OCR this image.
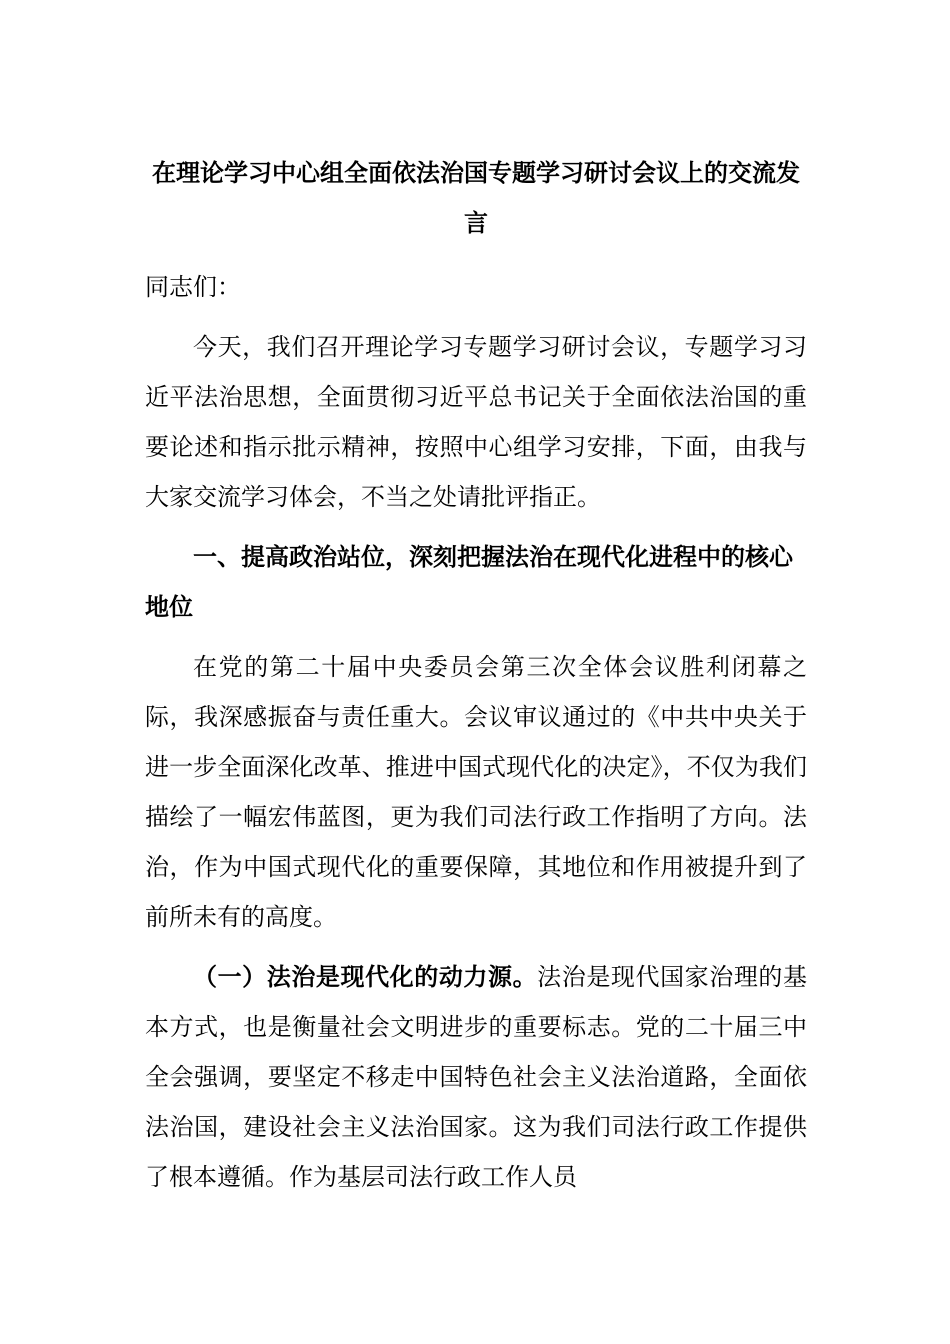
在理论学习中心组全面依法治国专题学习研讨会议上的交流发言
同志们：

今天，我们召开理论学习专题学习研讨会议，专题学习习近平法治思想，全面贯彻习近平总书记关于全面依法治国的重要论述和指示批示精神，按照中心组学习安排，下面，由我与大家交流学习体会，不当之处请批评指正。

一、提高政治站位，深刻把握法治在现代化进程中的核心地位

在党的第二十届中央委员会第三次全体会议胜利闭幕之际，我深感振奋与责任重大。会议审议通过的《中共中央关于进一步全面深化改革、推进中国式现代化的决定》，不仅为我们描绘了一幅宏伟蓝图，更为我们司法行政工作指明了方向。法治，作为中国式现代化的重要保障，其地位和作用被提升到了前所未有的高度。

（一）法治是现代化的动力源。法治是现代国家治理的基本方式，也是衡量社会文明进步的重要标志。党的二十届三中全会强调，要坚定不移走中国特色社会主义法治道路，全面依法治国，建设社会主义法治国家。这为我们司法行政工作提供了根本遵循。作为基层司法行政工作人员
